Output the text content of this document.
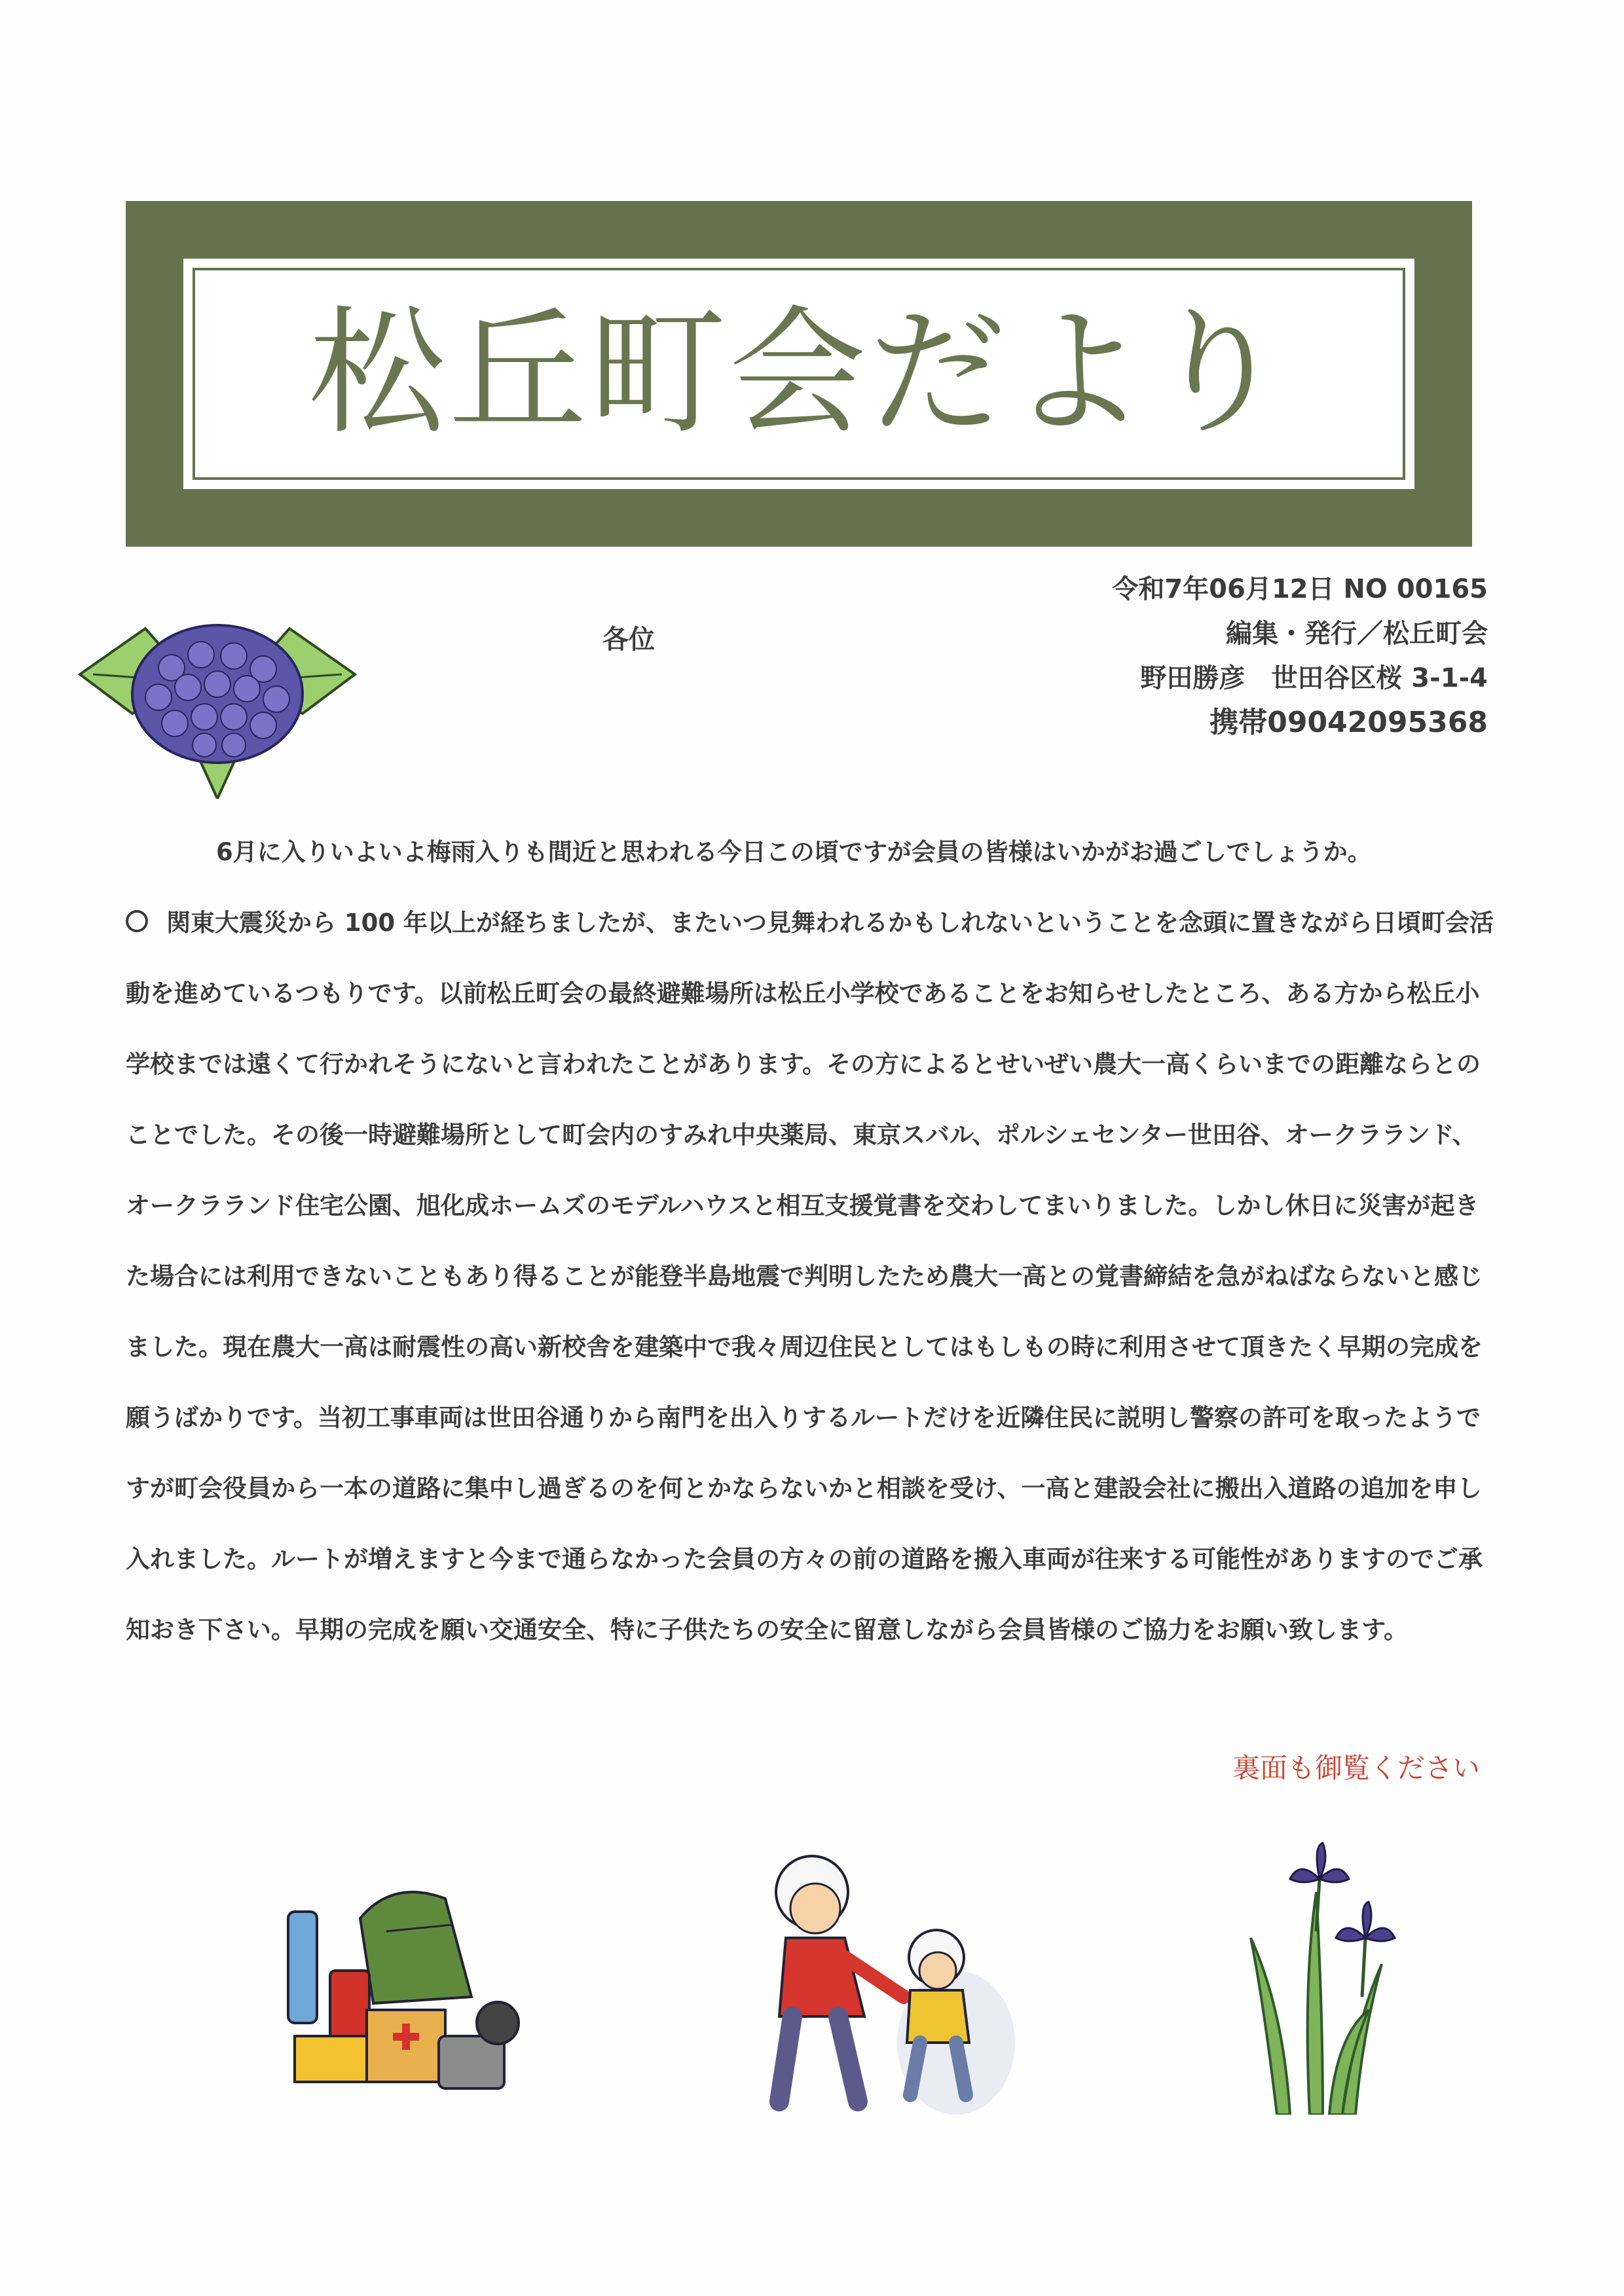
松丘町会だより
各位
令和7年06月12日 NO 00165
編集・発行／松丘町会
野田勝彦　世田谷区桜 3-1-4
携帯09042095368

6月に入りいよいよ梅雨入りも間近と思われる今日この頃ですが会員の皆様はいかがお過ごしでしょうか。

関東大震災から 100 年以上が経ちましたが、またいつ見舞われるかもしれないということを念頭に置きながら日頃町会活動を進めているつもりです。以前松丘町会の最終避難場所は松丘小学校であることをお知らせしたところ、ある方から松丘小学校までは遠くて行かれそうにないと言われたことがあります。その方によるとせいぜい農大一高くらいまでの距離ならとのことでした。その後一時避難場所として町会内のすみれ中央薬局、東京スバル、ポルシェセンター世田谷、オークラランド、オークラランド住宅公園、旭化成ホームズのモデルハウスと相互支援覚書を交わしてまいりました。しかし休日に災害が起きた場合には利用できないこともあり得ることが能登半島地震で判明したため農大一高との覚書締結を急がねばならないと感じました。現在農大一高は耐震性の高い新校舎を建築中で我々周辺住民としてはもしもの時に利用させて頂きたく早期の完成を願うばかりです。当初工事車両は世田谷通りから南門を出入りするルートだけを近隣住民に説明し警察の許可を取ったようですが町会役員から一本の道路に集中し過ぎるのを何とかならないかと相談を受け、一高と建設会社に搬出入道路の追加を申し入れました。ルートが増えますと今まで通らなかった会員の方々の前の道路を搬入車両が往来する可能性がありますのでご承知おき下さい。早期の完成を願い交通安全、特に子供たちの安全に留意しながら会員皆様のご協力をお願い致します。

裏面も御覧ください
